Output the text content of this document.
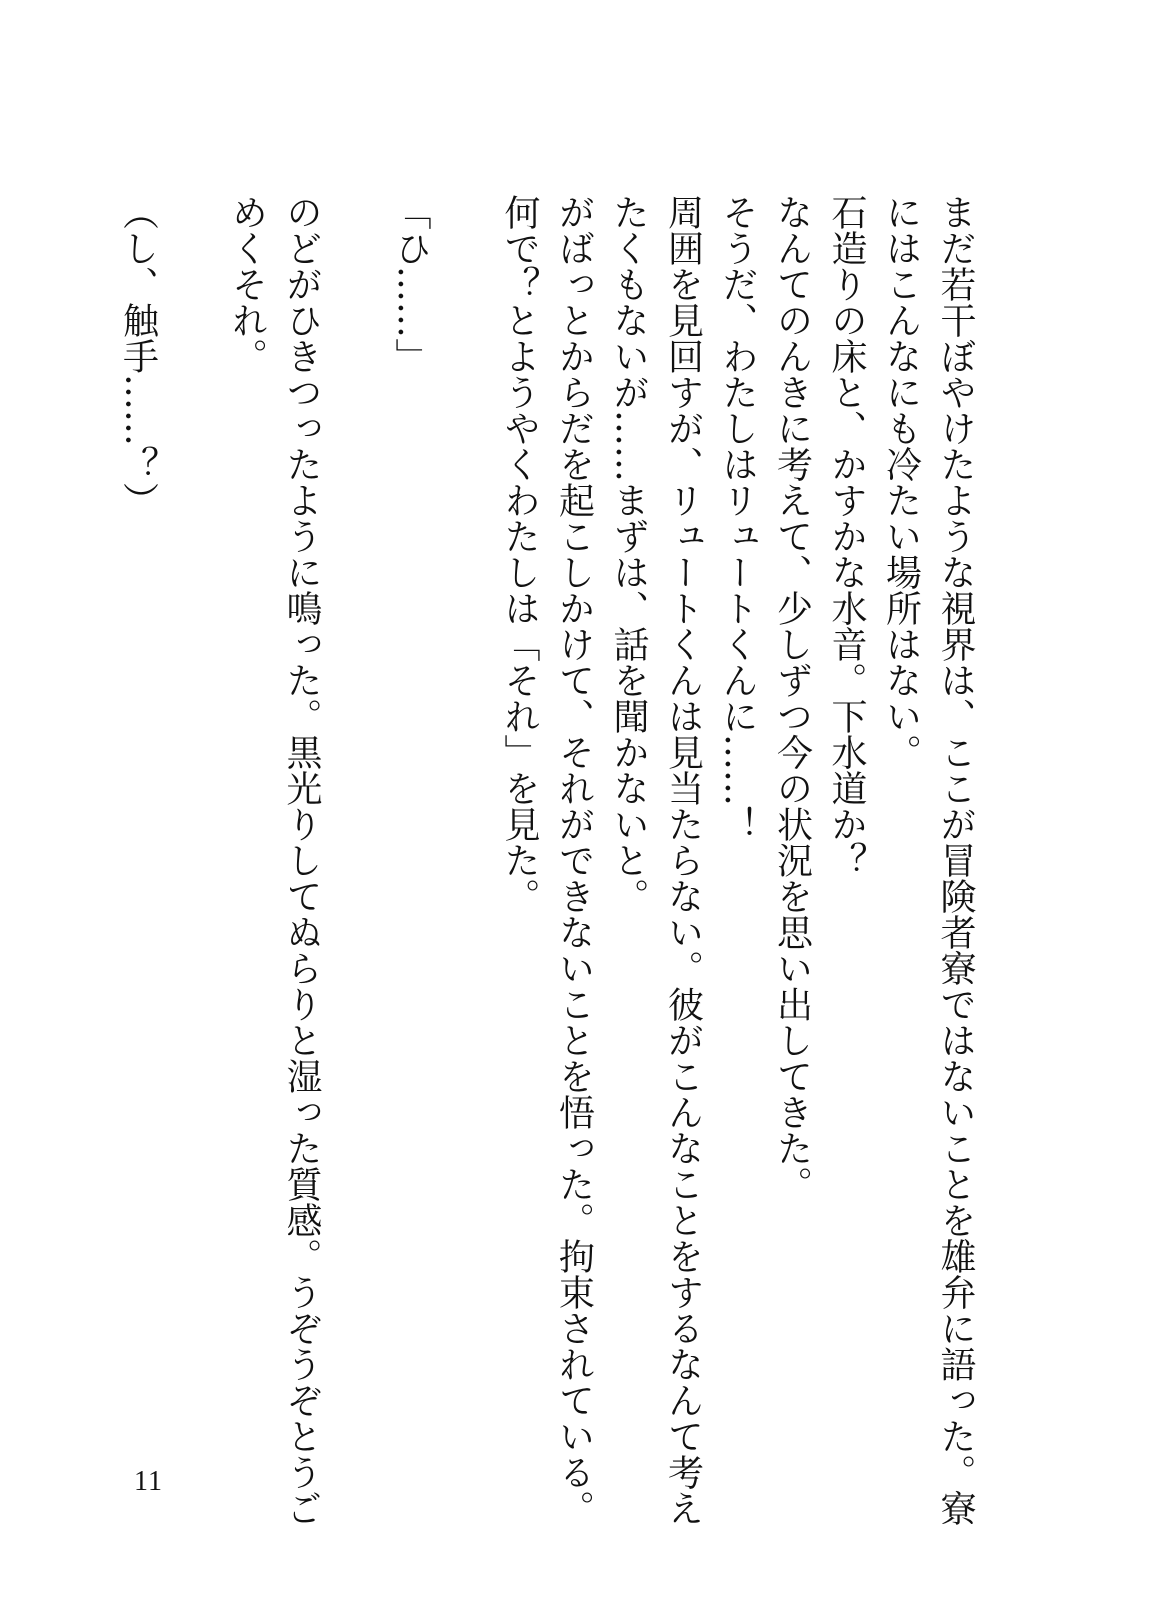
まだ若干ぼやけたような視界は、ここが冒険者寮ではないことを雄弁に語った。寮

にはこんなにも冷たい場所はない。

石造りの床と、かすかな水音。下水道か？

なんてのんきに考えて、少しずつ今の状況を思い出してきた。

そうだ、わたしはリュートくんに……！

周囲を見回すが、リュートくんは見当たらない。彼がこんなことをするなんて考え

たくもないが……まずは、話を聞かないと。

がばっとからだを起こしかけて、それができないことを悟った。拘束されている。

何で？とようやくわたしは「それ」を見た。

「ひ……」

のどがひきつったように鳴った。黒光りしてぬらりと湿った質感。うぞうぞとうご

めくそれ。

（し、触手……？）

11
